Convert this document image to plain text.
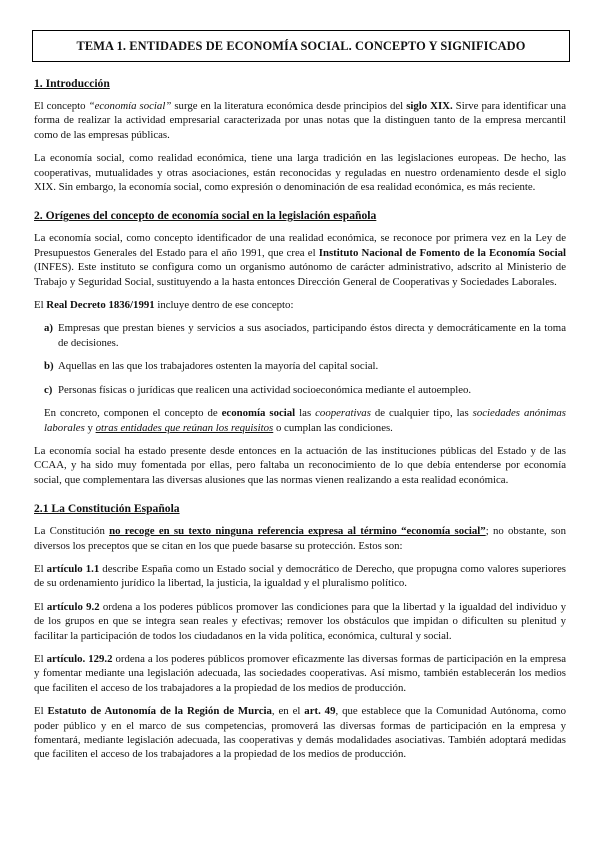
TEMA 1. ENTIDADES DE ECONOMÍA SOCIAL. CONCEPTO Y SIGNIFICADO
1. Introducción

El concepto “economía social” surge en la literatura económica desde principios del siglo XIX. Sirve para identificar una forma de realizar la actividad empresarial caracterizada por unas notas que la distinguen tanto de la empresa mercantil como de las empresas públicas.

La economía social, como realidad económica, tiene una larga tradición en las legislaciones europeas. De hecho, las cooperativas, mutualidades y otras asociaciones, están reconocidas y reguladas en nuestro ordenamiento desde el siglo XIX. Sin embargo, la economía social, como expresión o denominación de esa realidad económica, es más reciente.

2. Orígenes del concepto de economía social en la legislación española

La economía social, como concepto identificador de una realidad económica, se reconoce por primera vez en la Ley de Presupuestos Generales del Estado para el año 1991, que crea el Instituto Nacional de Fomento de la Economía Social (INFES). Este instituto se configura como un organismo autónomo de carácter administrativo, adscrito al Ministerio de Trabajo y Seguridad Social, sustituyendo a la hasta entonces Dirección General de Cooperativas y Sociedades Laborales.

El Real Decreto 1836/1991 incluye dentro de ese concepto:

a) Empresas que prestan bienes y servicios a sus asociados, participando éstos directa y democráticamente en la toma de decisiones.
b) Aquellas en las que los trabajadores ostenten la mayoría del capital social.
c) Personas físicas o jurídicas que realicen una actividad socioeconómica mediante el autoempleo.

En concreto, componen el concepto de economía social las cooperativas de cualquier tipo, las sociedades anónimas laborales y otras entidades que reúnan los requisitos o cumplan las condiciones.

La economía social ha estado presente desde entonces en la actuación de las instituciones públicas del Estado y de las CCAA, y ha sido muy fomentada por ellas, pero faltaba un reconocimiento de lo que debía entenderse por economía social, que complementara las diversas alusiones que las normas vienen realizando a esta realidad económica.

2.1 La Constitución Española

La Constitución no recoge en su texto ninguna referencia expresa al término “economía social”; no obstante, son diversos los preceptos que se citan en los que puede basarse su protección. Estos son:

El artículo 1.1 describe España como un Estado social y democrático de Derecho, que propugna como valores superiores de su ordenamiento jurídico la libertad, la justicia, la igualdad y el pluralismo político.

El artículo 9.2 ordena a los poderes públicos promover las condiciones para que la libertad y la igualdad del individuo y de los grupos en que se integra sean reales y efectivas; remover los obstáculos que impidan o dificulten su plenitud y facilitar la participación de todos los ciudadanos en la vida política, económica, cultural y social.

El artículo. 129.2 ordena a los poderes públicos promover eficazmente las diversas formas de participación en la empresa y fomentar mediante una legislación adecuada, las sociedades cooperativas. Así mismo, también establecerán los medios que faciliten el acceso de los trabajadores a la propiedad de los medios de producción.

El Estatuto de Autonomía de la Región de Murcia, en el art. 49, que establece que la Comunidad Autónoma, como poder público y en el marco de sus competencias, promoverá las diversas formas de participación en la empresa y fomentará, mediante legislación adecuada, las cooperativas y demás modalidades asociativas. También adoptará medidas que faciliten el acceso de los trabajadores a la propiedad de los medios de producción.
